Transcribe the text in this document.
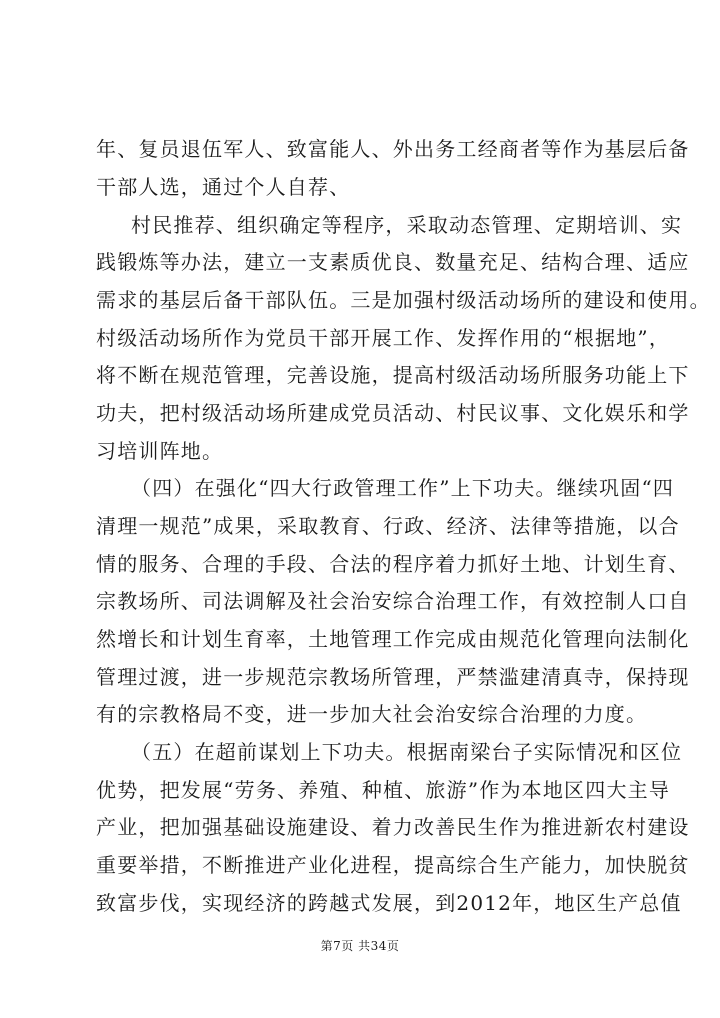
年、复员退伍军人、致富能人、外出务工经商者等作为基层后备
干部人选，通过个人自荐、
村民推荐、组织确定等程序，采取动态管理、定期培训、实
践锻炼等办法，建立一支素质优良、数量充足、结构合理、适应
需求的基层后备干部队伍。三是加强村级活动场所的建设和使用。
村级活动场所作为党员干部开展工作、发挥作用的“根据地”，
将不断在规范管理，完善设施，提高村级活动场所服务功能上下
功夫，把村级活动场所建成党员活动、村民议事、文化娱乐和学
习培训阵地。
（四）在强化“四大行政管理工作”上下功夫。继续巩固“四
清理一规范”成果，采取教育、行政、经济、法律等措施，以合
情的服务、合理的手段、合法的程序着力抓好土地、计划生育、
宗教场所、司法调解及社会治安综合治理工作，有效控制人口自
然增长和计划生育率，土地管理工作完成由规范化管理向法制化
管理过渡，进一步规范宗教场所管理，严禁滥建清真寺，保持现
有的宗教格局不变，进一步加大社会治安综合治理的力度。
（五）在超前谋划上下功夫。根据南梁台子实际情况和区位
优势，把发展“劳务、养殖、种植、旅游”作为本地区四大主导
产业，把加强基础设施建设、着力改善民生作为推进新农村建设
重要举措，不断推进产业化进程，提高综合生产能力，加快脱贫
致富步伐，实现经济的跨越式发展，到2012年，地区生产总值
第7页 共34页
